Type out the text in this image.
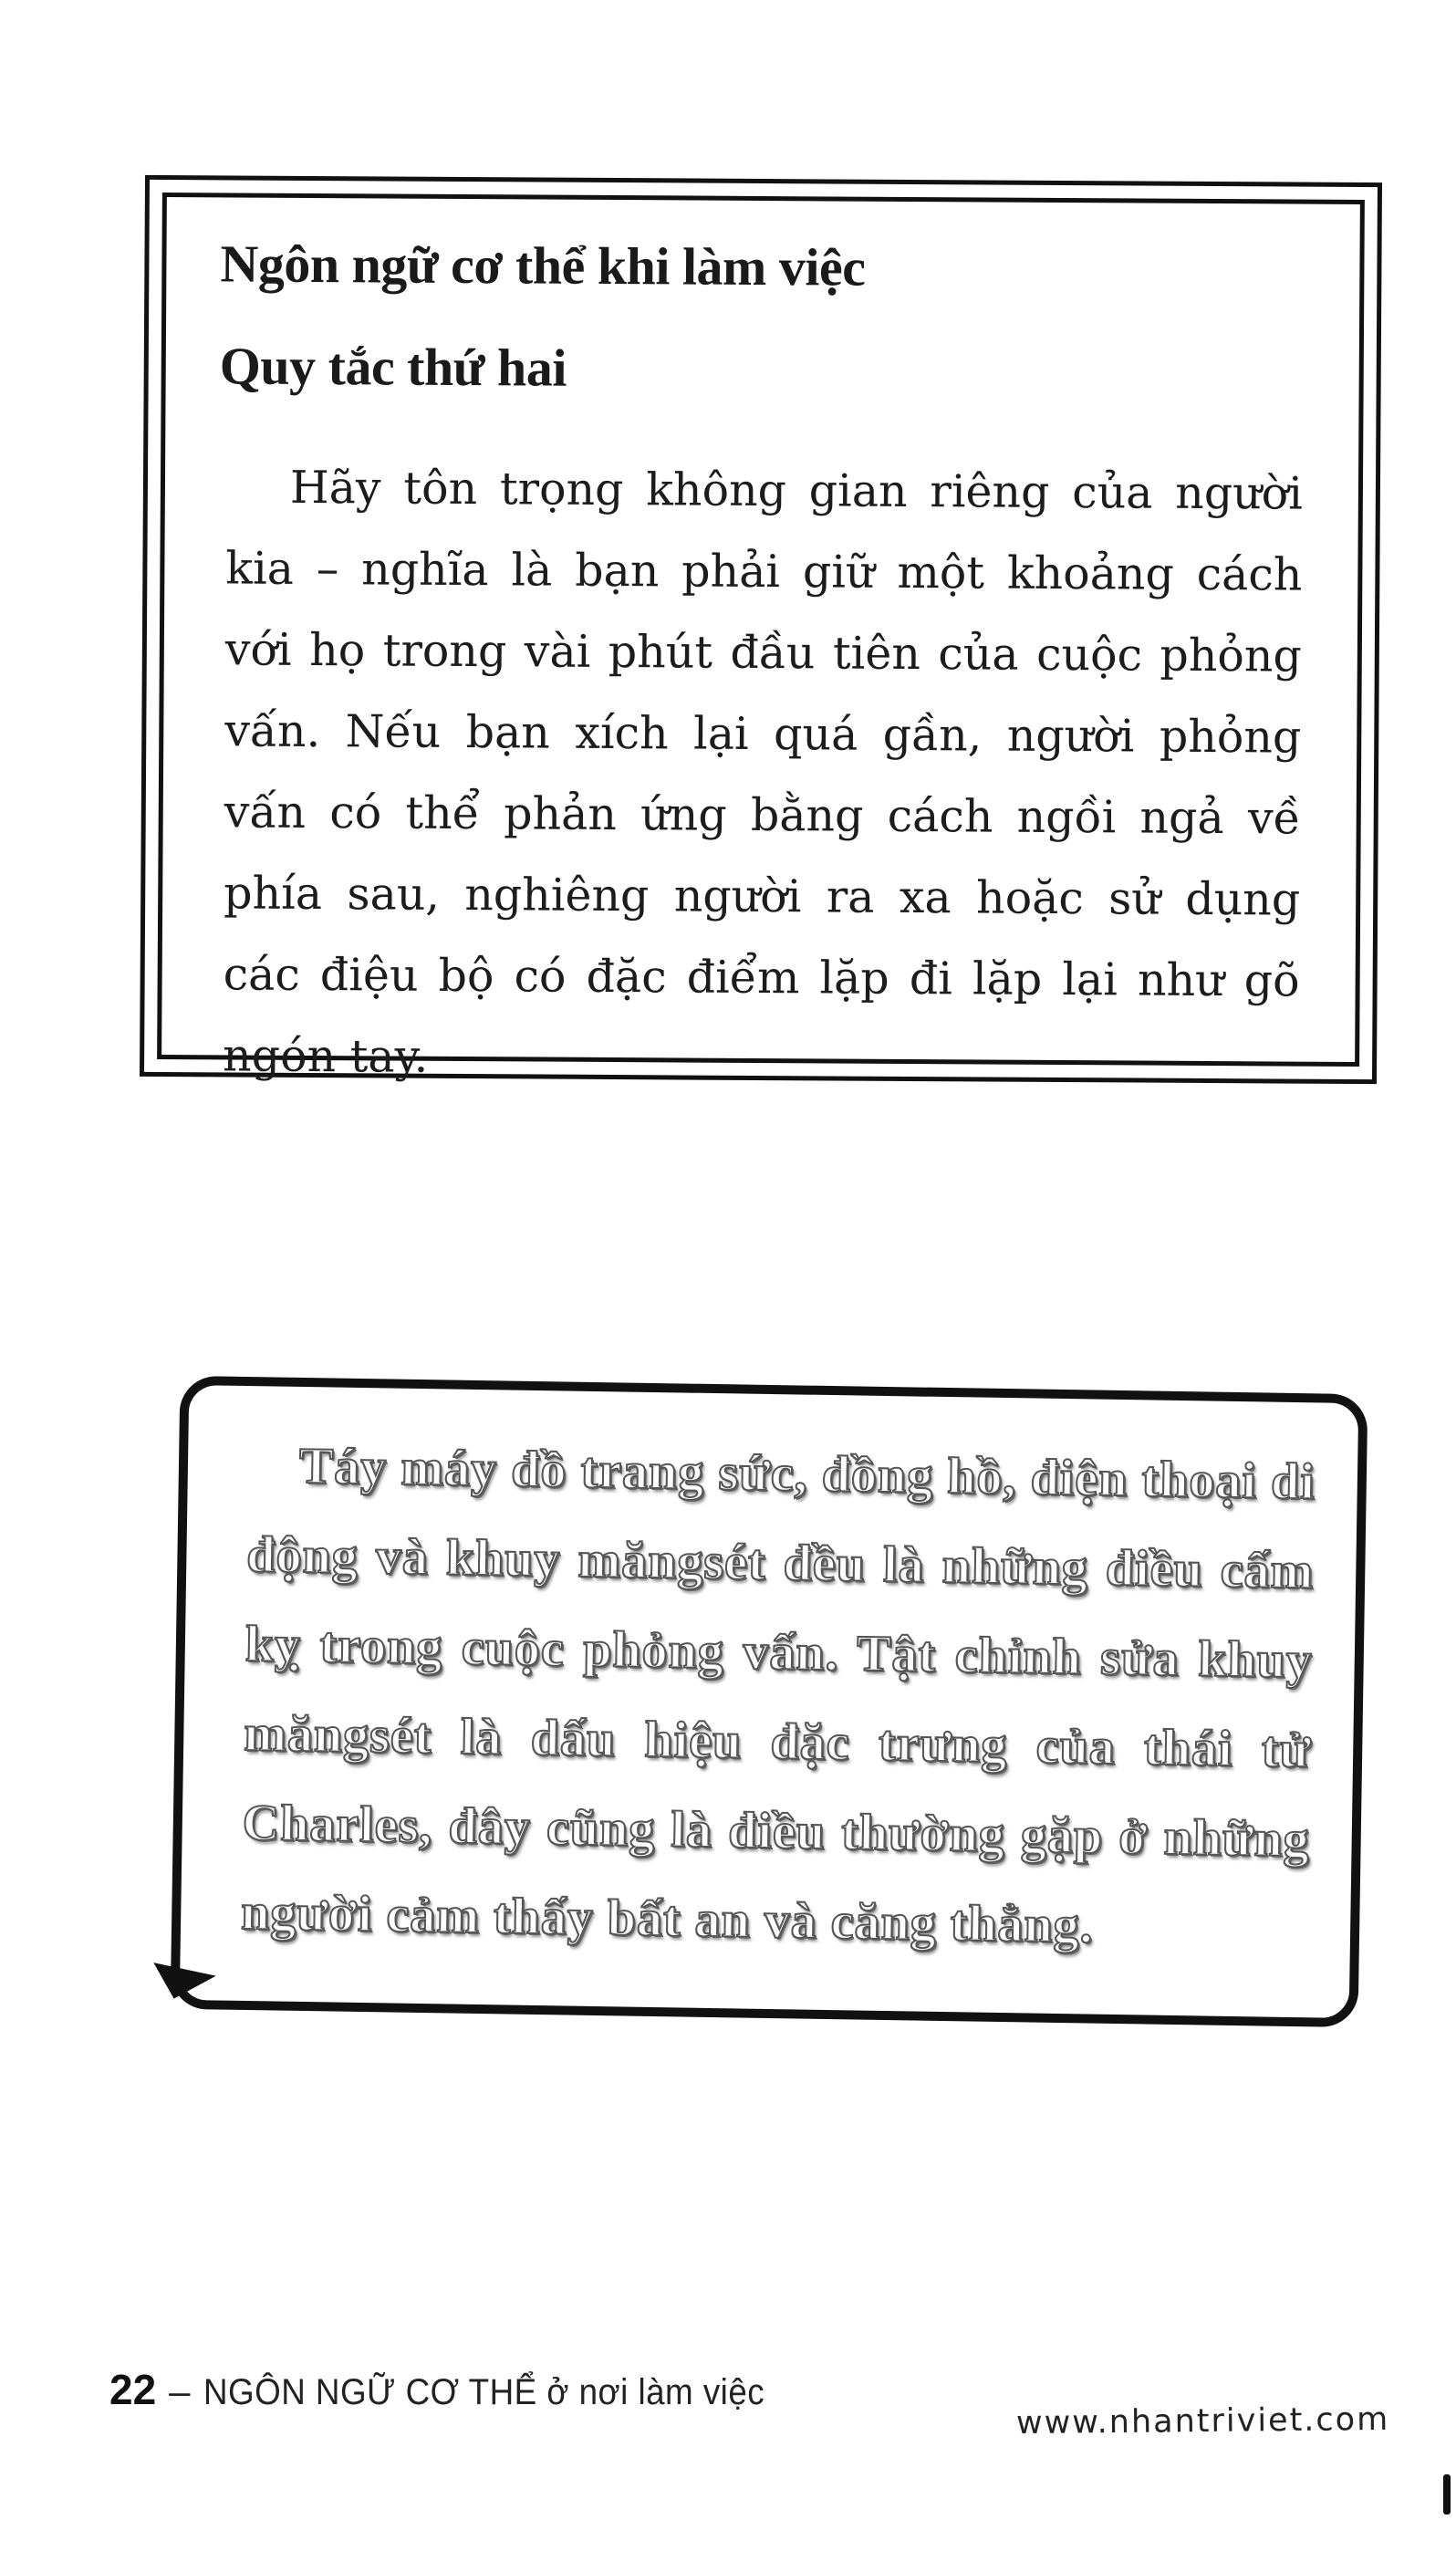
Ngôn ngữ cơ thể khi làm việc
Quy tắc thứ hai

Hãy tôn trọng không gian riêng của người kia – nghĩa là bạn phải giữ một khoảng cách với họ trong vài phút đầu tiên của cuộc phỏng vấn. Nếu bạn xích lại quá gần, người phỏng vấn có thể phản ứng bằng cách ngồi ngả về phía sau, nghiêng người ra xa hoặc sử dụng các điệu bộ có đặc điểm lặp đi lặp lại như gõ ngón tay.

Táy máy đồ trang sức, đồng hồ, điện thoại di động và khuy măngsét đều là những điều cấm kỵ trong cuộc phỏng vấn. Tật chỉnh sửa khuy măngsét là dấu hiệu đặc trưng của thái tử Charles, đây cũng là điều thường gặp ở những người cảm thấy bất an và căng thẳng.

22 – NGÔN NGỮ CƠ THỂ ở nơi làm việc
www.nhantriviet.com
